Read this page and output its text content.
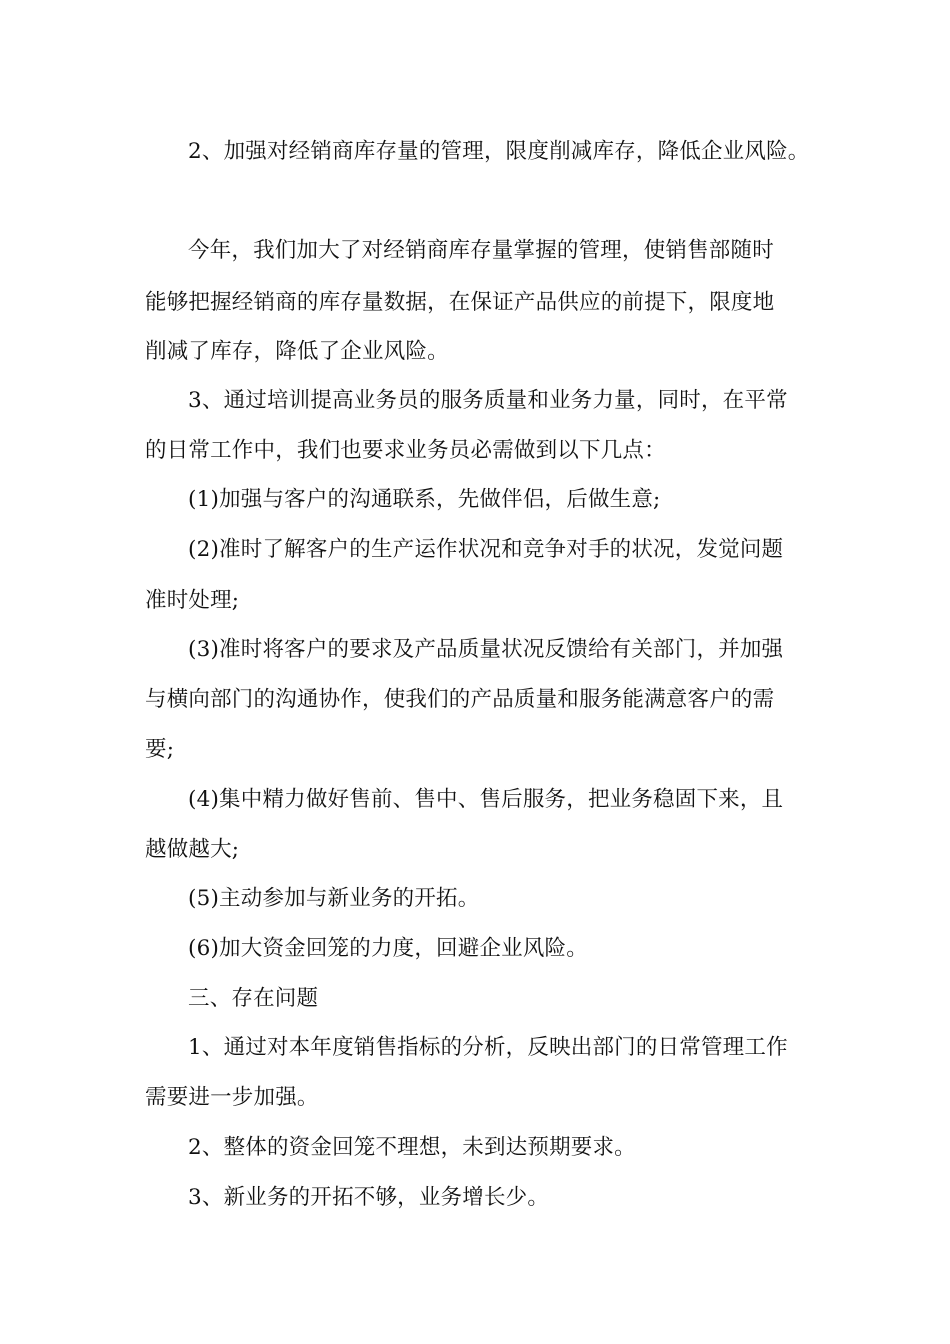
2、加强对经销商库存量的管理，限度削减库存，降低企业风险。
今年，我们加大了对经销商库存量掌握的管理，使销售部随时
能够把握经销商的库存量数据，在保证产品供应的前提下，限度地
削减了库存，降低了企业风险。
3、通过培训提高业务员的服务质量和业务力量，同时，在平常
的日常工作中，我们也要求业务员必需做到以下几点：
(1)加强与客户的沟通联系，先做伴侣，后做生意;
(2)准时了解客户的生产运作状况和竞争对手的状况，发觉问题
准时处理;
(3)准时将客户的要求及产品质量状况反馈给有关部门，并加强
与横向部门的沟通协作，使我们的产品质量和服务能满意客户的需
要;
(4)集中精力做好售前、售中、售后服务，把业务稳固下来，且
越做越大;
(5)主动参加与新业务的开拓。
(6)加大资金回笼的力度，回避企业风险。
三、存在问题
1、通过对本年度销售指标的分析，反映出部门的日常管理工作
需要进一步加强。
2、整体的资金回笼不理想，未到达预期要求。
3、新业务的开拓不够，业务增长少。
